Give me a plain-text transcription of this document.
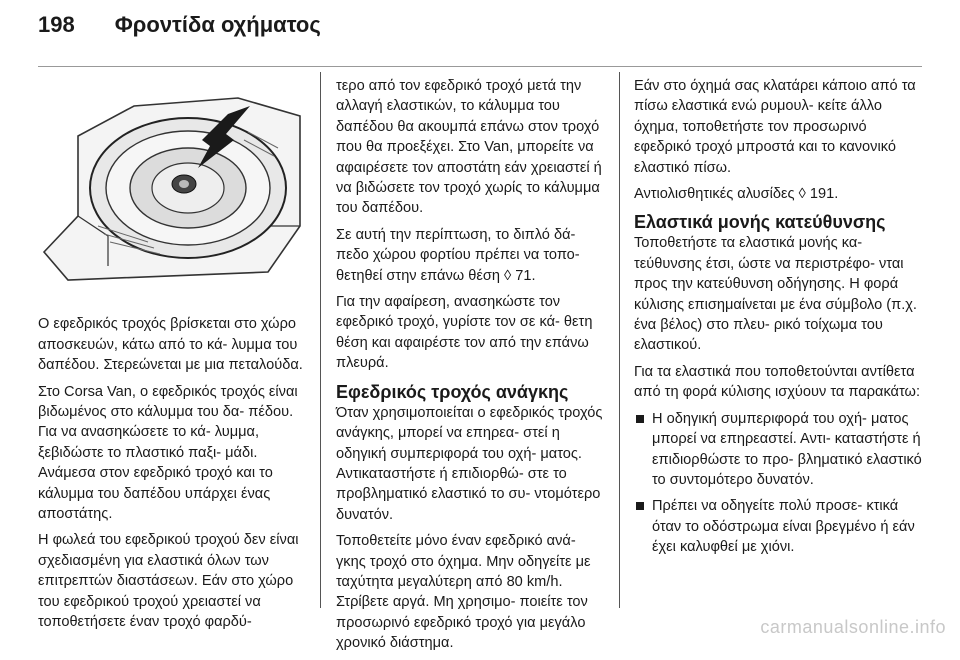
198 Φροντίδα οχήματος

Ο εφεδρικός τροχός βρίσκεται στο χώρο αποσκευών, κάτω από το κά- λυμμα του δαπέδου. Στερεώνεται με μια πεταλούδα.

Στο Corsa Van, ο εφεδρικός τροχός είναι βιδωμένος στο κάλυμμα του δα- πέδου. Για να ανασηκώσετε το κά- λυμμα, ξεβιδώστε το πλαστικό παξι- μάδι. Ανάμεσα στον εφεδρικό τροχό και το κάλυμμα του δαπέδου υπάρχει ένας αποστάτης.

Η φωλεά του εφεδρικού τροχού δεν είναι σχεδιασμένη για ελαστικά όλων των επιτρεπτών διαστάσεων. Εάν στο χώρο του εφεδρικού τροχού χρειαστεί να τοποθετήσετε έναν τροχό φαρδύ-

τερο από τον εφεδρικό τροχό μετά την αλλαγή ελαστικών, το κάλυμμα του δαπέδου θα ακουμπά επάνω στον τροχό που θα προεξέχει. Στο Van, μπορείτε να αφαιρέσετε τον αποστάτη εάν χρειαστεί ή να βιδώσετε τον τροχό χωρίς το κάλυμμα του δαπέδου.

Σε αυτή την περίπτωση, το διπλό δά- πεδο χώρου φορτίου πρέπει να τοπο- θετηθεί στην επάνω θέση ◊ 71.

Για την αφαίρεση, ανασηκώστε τον εφεδρικό τροχό, γυρίστε τον σε κά- θετη θέση και αφαιρέστε τον από την επάνω πλευρά.

Εφεδρικός τροχός ανάγκης

Όταν χρησιμοποιείται ο εφεδρικός τροχός ανάγκης, μπορεί να επηρεα- στεί η οδηγική συμπεριφορά του οχή- ματος. Αντικαταστήστε ή επιδιορθώ- στε το προβληματικό ελαστικό το συ- ντομότερο δυνατόν.

Τοποθετείτε μόνο έναν εφεδρικό ανά- γκης τροχό στο όχημα. Μην οδηγείτε με ταχύτητα μεγαλύτερη από 80 km/h. Στρίβετε αργά. Μη χρησιμο- ποιείτε τον προσωρινό εφεδρικό τροχό για μεγάλο χρονικό διάστημα.

Εάν στο όχημά σας κλατάρει κάποιο από τα πίσω ελαστικά ενώ ρυμουλ- κείτε άλλο όχημα, τοποθετήστε τον προσωρινό εφεδρικό τροχό μπροστά και το κανονικό ελαστικό πίσω.

Αντιολισθητικές αλυσίδες ◊ 191.

Ελαστικά μονής κατεύθυνσης

Τοποθετήστε τα ελαστικά μονής κα- τεύθυνσης έτσι, ώστε να περιστρέφο- νται προς την κατεύθυνση οδήγησης. Η φορά κύλισης επισημαίνεται με ένα σύμβολο (π.χ. ένα βέλος) στο πλευ- ρικό τοίχωμα του ελαστικού.

Για τα ελαστικά που τοποθετούνται αντίθετα από τη φορά κύλισης ισχύουν τα παρακάτω:

Η οδηγική συμπεριφορά του οχή- ματος μπορεί να επηρεαστεί. Αντι- καταστήστε ή επιδιορθώστε το προ- βληματικό ελαστικό το συντομότερο δυνατόν.
Πρέπει να οδηγείτε πολύ προσε- κτικά όταν το οδόστρωμα είναι βρεγμένο ή εάν έχει καλυφθεί με χιόνι.
carmanualsonline.info
